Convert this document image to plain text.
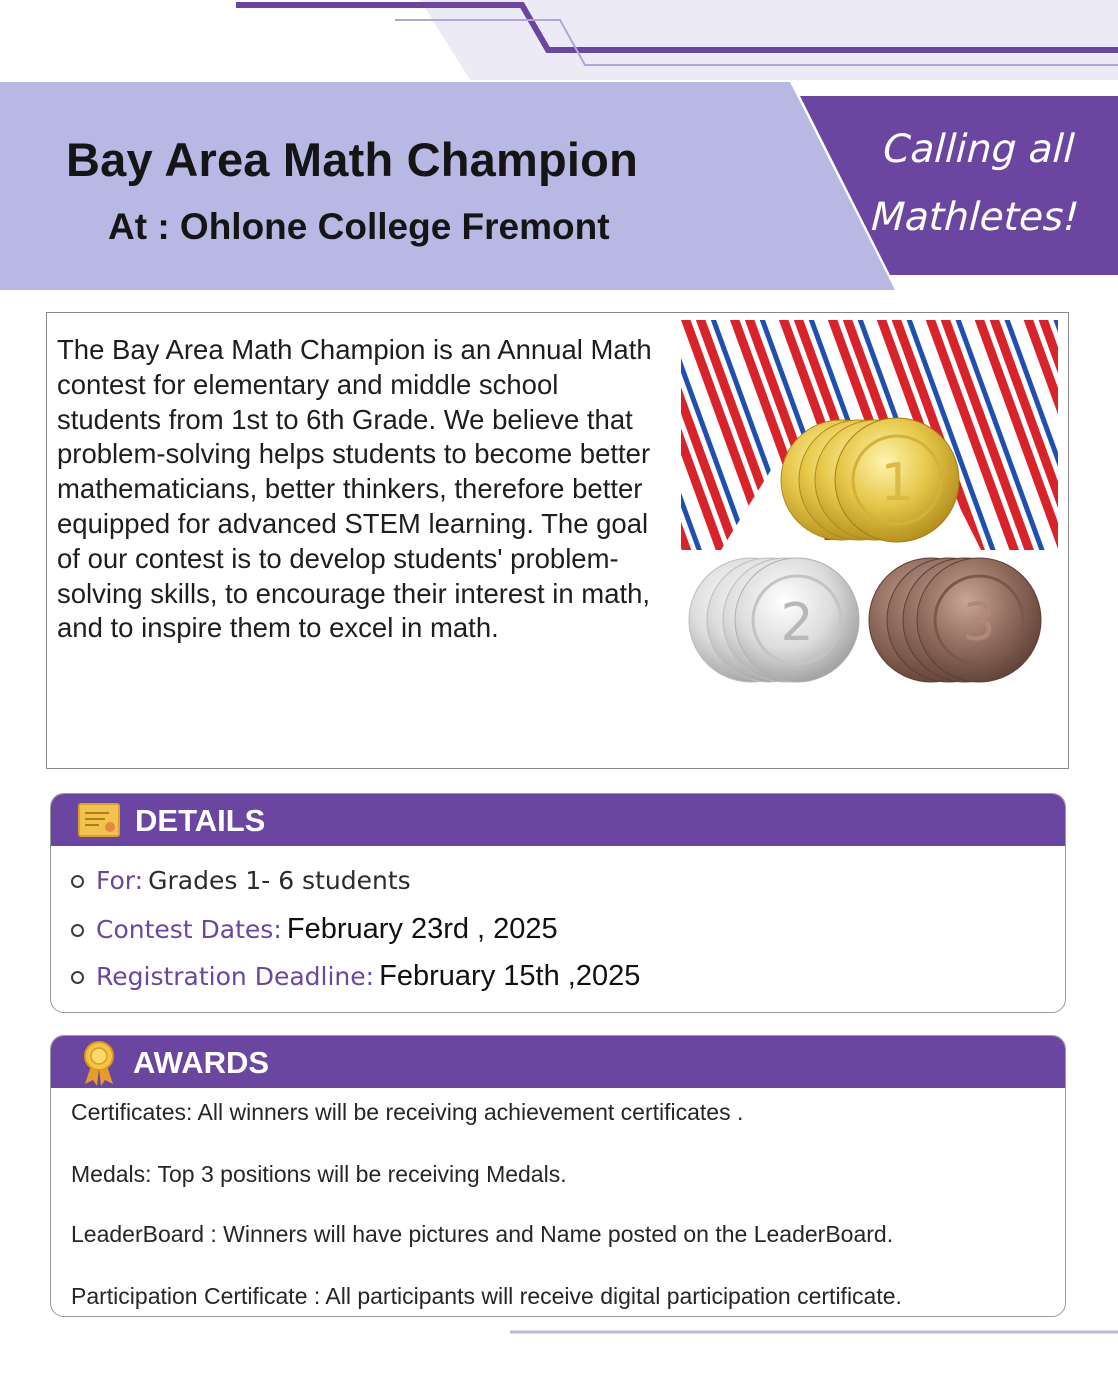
Bay Area Math Champion
At : Ohlone College Fremont
Calling all
Mathletes!
The Bay Area Math Champion is an Annual Math contest for elementary and middle school students from 1st to 6th Grade. We believe that problem-solving helps students to become better mathematicians, better thinkers, therefore better equipped for advanced STEM learning. The goal of our contest is to develop students' problem-solving skills, to encourage their interest in math, and to inspire them to excel in math.	2	3
1
DETAILS
For: Grades 1- 6 students
Contest Dates: February 23rd , 2025
Registration Deadline: February 15th ,2025
AWARDS
Certificates: All winners will be receiving achievement certificates .
Medals: Top 3 positions will be receiving Medals.
LeaderBoard : Winners will have pictures and Name posted on the LeaderBoard.
Participation Certificate : All participants will receive digital participation certificate.
